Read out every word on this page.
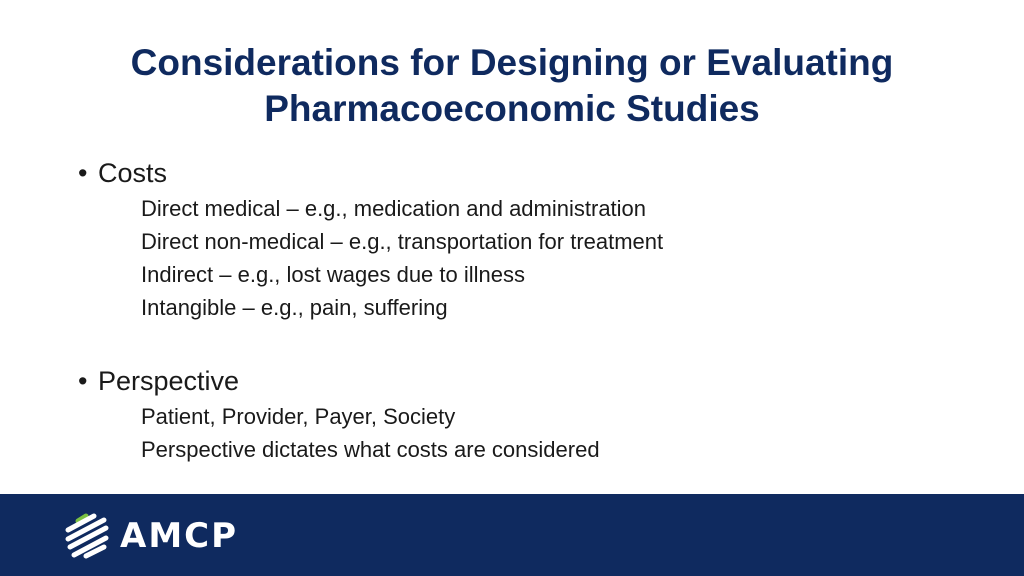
Considerations for Designing or Evaluating
Pharmacoeconomic Studies
• Costs
Direct medical – e.g., medication and administration
Direct non-medical – e.g., transportation for treatment
Indirect – e.g., lost wages due to illness
Intangible – e.g., pain, suffering
• Perspective
Patient, Provider, Payer, Society
Perspective dictates what costs are considered
AMCP
